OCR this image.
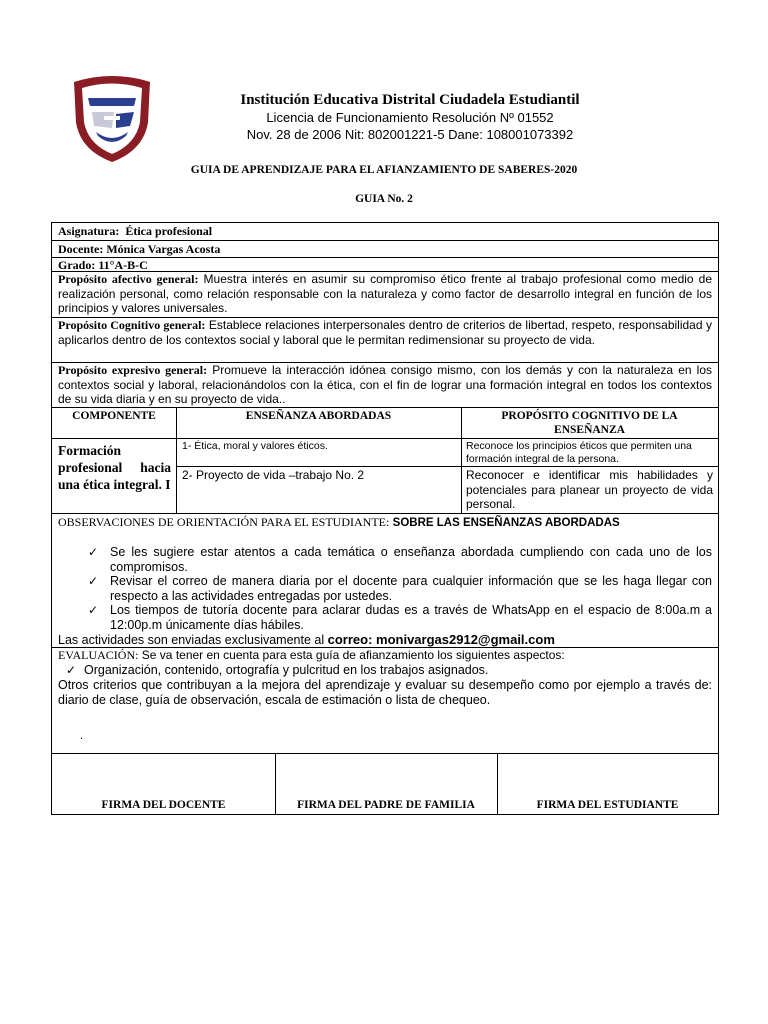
Institución Educativa Distrital Ciudadela Estudiantil
Licencia de Funcionamiento Resolución Nº 01552
Nov. 28 de 2006 Nit: 802001221-5 Dane: 108001073392
GUIA DE APRENDIZAJE PARA EL AFIANZAMIENTO DE SABERES-2020
GUIA No. 2
Asignatura: Ética profesional
Docente: Mónica Vargas Acosta
Grado: 11°A-B-C
Propósito afectivo general: Muestra interés en asumir su compromiso ético frente al trabajo profesional como medio de realización personal, como relación responsable con la naturaleza y como factor de desarrollo integral en función de los principios y valores universales.
Propósito Cognitivo general: Establece relaciones interpersonales dentro de criterios de libertad, respeto, responsabilidad y aplicarlos dentro de los contextos social y laboral que le permitan redimensionar su proyecto de vida.
Propósito expresivo general: Promueve la interacción idónea consigo mismo, con los demás y con la naturaleza en los contextos social y laboral, relacionándolos con la ética, con el fin de lograr una formación integral en todos los contextos de su vida diaria y en su proyecto de vida..
COMPONENTE	ENSEÑANZA ABORDADAS	PROPÓSITO COGNITIVO DE LA ENSEÑANZA
Formación profesional hacia una ética integral. I
1- Ética, moral y valores éticos.	Reconoce los principios éticos que permiten una formación integral de la persona.
2- Proyecto de vida –trabajo No. 2	Reconocer e identificar mis habilidades y potenciales para planear un proyecto de vida personal.
OBSERVACIONES DE ORIENTACIÓN PARA EL ESTUDIANTE: SOBRE LAS ENSEÑANZAS ABORDADAS
✓ Se les sugiere estar atentos a cada temática o enseñanza abordada cumpliendo con cada uno de los compromisos.
✓ Revisar el correo de manera diaria por el docente para cualquier información que se les haga llegar con respecto a las actividades entregadas por ustedes.
✓ Los tiempos de tutoría docente para aclarar dudas es a través de WhatsApp en el espacio de 8:00a.m a 12:00p.m únicamente días hábiles.
Las actividades son enviadas exclusivamente al correo: monivargas2912@gmail.com
EVALUACIÓN: Se va tener en cuenta para esta guía de afianzamiento los siguientes aspectos:
✓ Organización, contenido, ortografía y pulcritud en los trabajos asignados.
Otros criterios que contribuyan a la mejora del aprendizaje y evaluar su desempeño como por ejemplo a través de: diario de clase, guía de observación, escala de estimación o lista de chequeo.
.
FIRMA DEL DOCENTE	FIRMA DEL PADRE DE FAMILIA	FIRMA DEL ESTUDIANTE
